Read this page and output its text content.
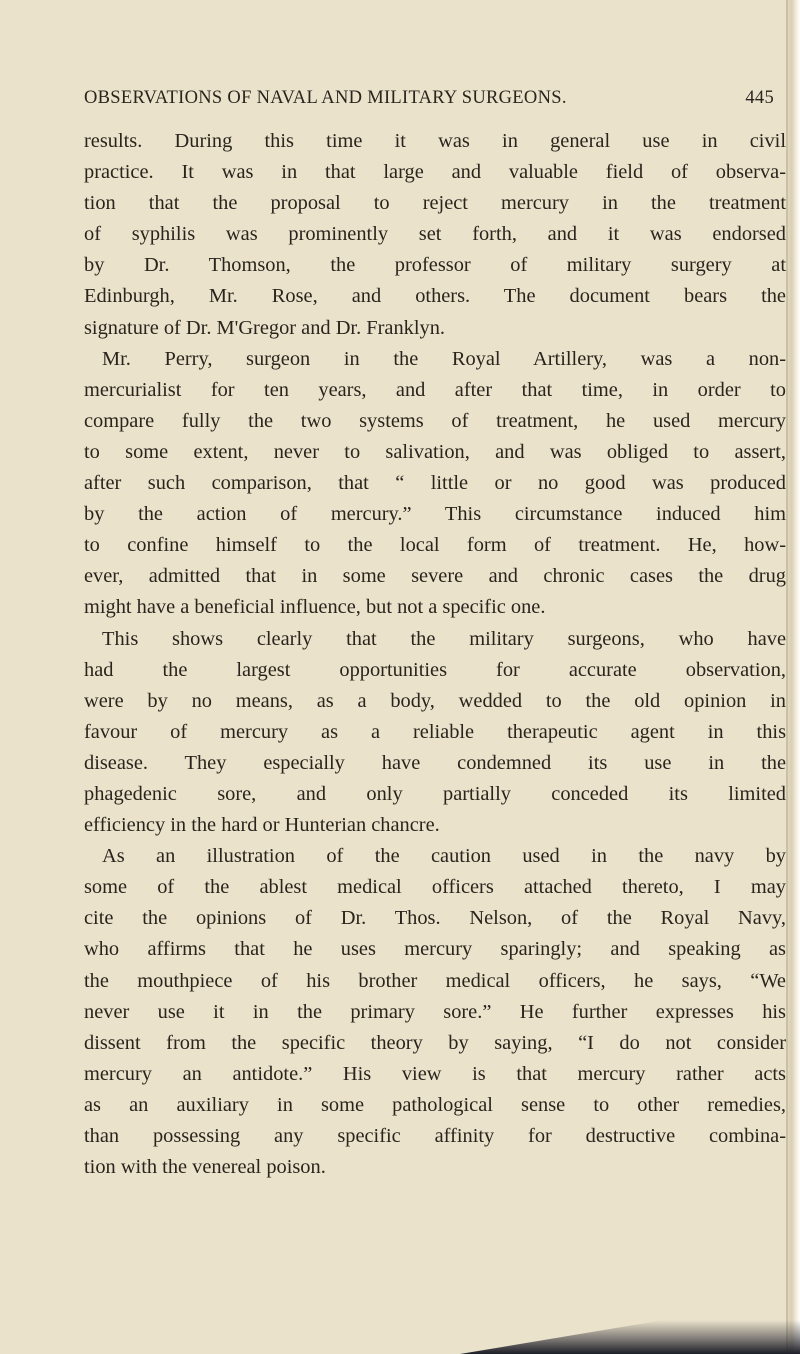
OBSERVATIONS OF NAVAL AND MILITARY SURGEONS.	445
results. During this time it was in general use in civil
practice. It was in that large and valuable field of observa-
tion that the proposal to reject mercury in the treatment
of syphilis was prominently set forth, and it was endorsed
by Dr. Thomson, the professor of military surgery at
Edinburgh, Mr. Rose, and others. The document bears the
signature of Dr. M'Gregor and Dr. Franklyn.
Mr. Perry, surgeon in the Royal Artillery, was a non-
mercurialist for ten years, and after that time, in order to
compare fully the two systems of treatment, he used mercury
to some extent, never to salivation, and was obliged to assert,
after such comparison, that “ little or no good was produced
by the action of mercury.” This circumstance induced him
to confine himself to the local form of treatment. He, how-
ever, admitted that in some severe and chronic cases the drug
might have a beneficial influence, but not a specific one.
This shows clearly that the military surgeons, who have
had the largest opportunities for accurate observation,
were by no means, as a body, wedded to the old opinion in
favour of mercury as a reliable therapeutic agent in this
disease. They especially have condemned its use in the
phagedenic sore, and only partially conceded its limited
efficiency in the hard or Hunterian chancre.
As an illustration of the caution used in the navy by
some of the ablest medical officers attached thereto, I may
cite the opinions of Dr. Thos. Nelson, of the Royal Navy,
who affirms that he uses mercury sparingly; and speaking as
the mouthpiece of his brother medical officers, he says, “We
never use it in the primary sore.” He further expresses his
dissent from the specific theory by saying, “I do not consider
mercury an antidote.” His view is that mercury rather acts
as an auxiliary in some pathological sense to other remedies,
than possessing any specific affinity for destructive combina-
tion with the venereal poison.
